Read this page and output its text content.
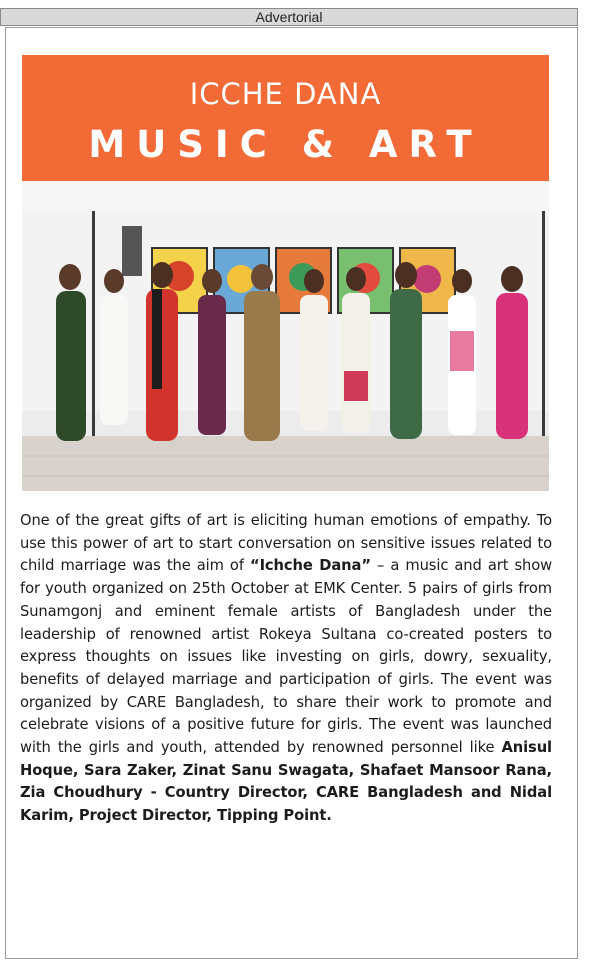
Advertorial
ICCHE DANA
MUSIC & ART
One of the great gifts of art is eliciting human emotions of empathy. To use this power of art to start conversation on sensitive issues related to child marriage was the aim of “Ichche Dana” – a music and art show for youth organized on 25th October at EMK Center. 5 pairs of girls from Sunamgonj and eminent female artists of Bangladesh under the leadership of renowned artist Rokeya Sultana co-created posters to express thoughts on issues like investing on girls, dowry, sexuality, benefits of delayed marriage and participation of girls. The event was organized by CARE Bangladesh, to share their work to promote and celebrate visions of a positive future for girls. The event was launched with the girls and youth, attended by renowned personnel like Anisul Hoque, Sara Zaker, Zinat Sanu Swagata, Shafaet Mansoor Rana, Zia Choudhury - Country Director, CARE Bangladesh and Nidal Karim, Project Director, Tipping Point.
